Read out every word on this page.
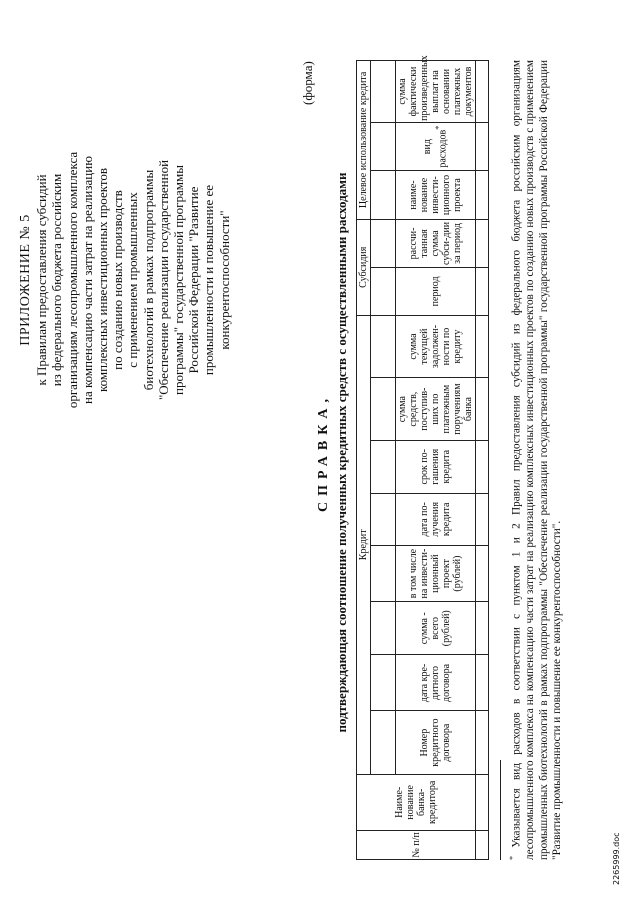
ПРИЛОЖЕНИЕ № 5 к Правилам предоставления субсидий из федерального бюджета российским организациям лесопромышленного комплекса на компенсацию части затрат на реализацию комплексных инвестиционных проектов по созданию новых производств с применением промышленных биотехнологий в рамках подпрограммы "Обеспечение реализации государственной программы" государственной программы Российской Федерации "Развитие промышленности и повышение ее конкурентоспособности"
(форма)
СПРАВКА, подтверждающая соотношение полученных кредитных средств с осуществленными расходами
№ п/п	Наиме-нование банка-кредитора	Кредит								Субсидия		Целевое использование кредита		

		Номер кредитного договора	дата кре-дитного договора	сумма - всего (рублей)	в том числе на инвести-ционный проект (рублей)	дата по-лучения кредита	срок по-гашения кредита	сумма средств, поступив-ших по платежным поручениям банка	сумма текущей задолжен-ности по кредиту	период	рассчи-танная сумма субси-дии за период	наиме-нование инвести-ционного проекта	вид расходов*	сумма фактически произведенных выплат на основании платежных документов

* Указывается вид расходов в соответствии с пунктом 1 и 2 Правил предоставления субсидий из федерального бюджета российским организациям лесопромышленного комплекса на компенсацию части затрат на реализацию комплексных инвестиционных проектов по созданию новых производств с применением промышленных биотехнологий в рамках подпрограммы "Обеспечение реализации государственной программы" государственной программы Российской Федерации "Развитие промышленности и повышение ее конкурентоспособности".	2265999.doc
